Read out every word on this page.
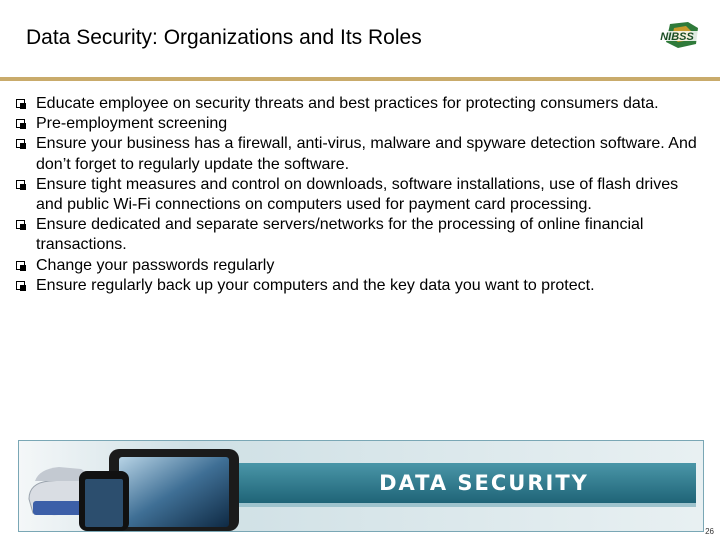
Data Security: Organizations and Its Roles	NIBSS
Educate employee on security threats and best practices for protecting consumers data.
Pre-employment screening
Ensure your business has a firewall, anti-virus, malware and spyware detection software. And don’t forget to regularly update the software.
Ensure tight measures and control on downloads, software installations, use of flash drives and public Wi-Fi connections on computers used for payment card processing.
Ensure dedicated and separate servers/networks for the processing of online financial transactions.
Change your passwords regularly
Ensure regularly back up your computers and the key data you want to protect.
DATA SECURITY
26
